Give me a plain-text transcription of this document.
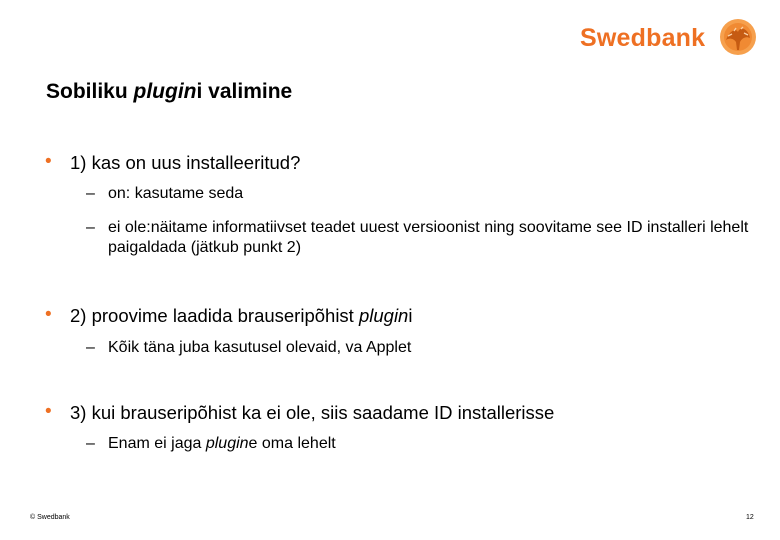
Swedbank
Sobiliku plugini valimine
• 1) kas on uus installeeritud?
– on: kasutame seda
– ei ole:näitame informatiivset teadet uuest versioonist ning soovitame see ID installeri lehelt paigaldada (jätkub punkt 2)
• 2) proovime laadida brauseripõhist plugini
– Kõik täna juba kasutusel olevaid, va Applet
• 3) kui brauseripõhist ka ei ole, siis saadame ID installerisse
– Enam ei jaga plugine oma lehelt
© Swedbank	12
